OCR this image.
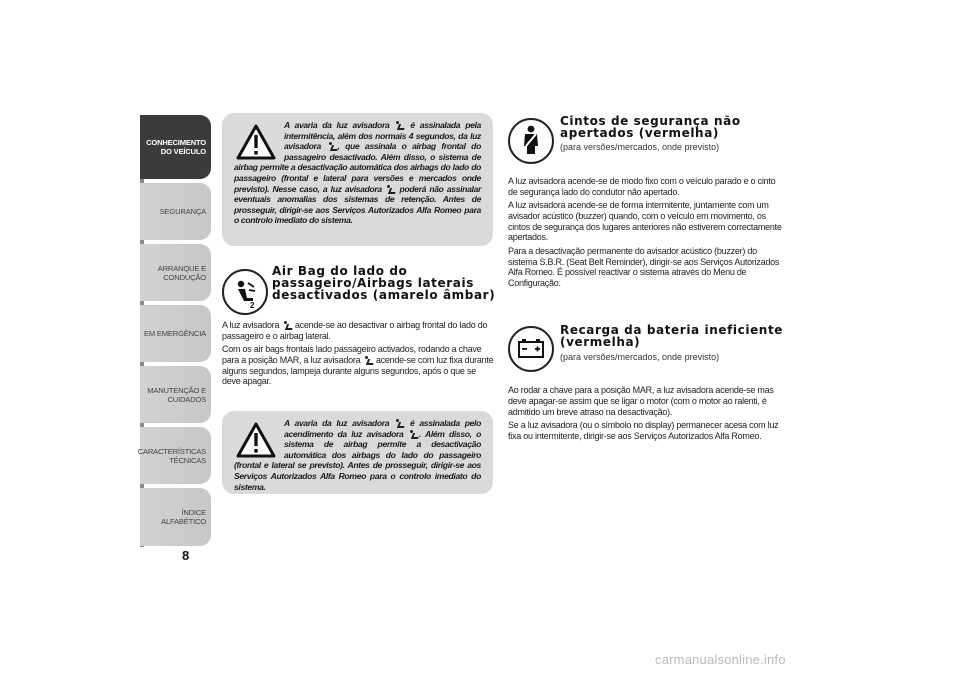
CONHECIMENTO
DO VEÍCULO
SEGURANÇA
ARRANQUE E
CONDUÇÃO
EM EMERGÊNCIA
MANUTENÇÃO E
CUIDADOS
CARACTERÍSTICAS
TÉCNICAS
ÍNDICE ALFABÉTICO
8

A avaria da luz avisadora é assinalada pela intermitência, além dos normais 4 segundos, da luz avisadora , que assinala o airbag frontal do passageiro desactivado. Além disso, o sistema de airbag permite a desactivação automática dos airbags do lado do passageiro (frontal e lateral para versões e mercados onde previsto). Nesse caso, a luz avisadora poderá não assinalar eventuais anomalias dos sistemas de retenção. Antes de prosseguir, dirigir-se aos Serviços Autorizados Alfa Romeo para o controlo imediato do sistema.

2
Air Bag do lado do
passageiro/Airbags laterais
desactivados (amarelo âmbar)

A luz avisadora acende-se ao desactivar o airbag frontal do lado do passageiro e o airbag lateral.

Com os air bags frontais lado passageiro activados, rodando a chave para a posição MAR, a luz avisadora acende-se com luz fixa durante alguns segundos, lampeja durante alguns segundos, após o que se deve apagar.

A avaria da luz avisadora é assinalada pelo acendimento da luz avisadora . Além disso, o sistema de airbag permite a desactivação automática dos airbags do lado do passageiro (frontal e lateral se previsto). Antes de prosseguir, dirigir-se aos Serviços Autorizados Alfa Romeo para o controlo imediato do sistema.

Cintos de segurança não
apertados (vermelha)
(para versões/mercados, onde previsto)

A luz avisadora acende-se de modo fixo com o veículo parado e o cinto de segurança lado do condutor não apertado.

A luz avisadora acende-se de forma intermitente, juntamente com um avisador acústico (buzzer) quando, com o veículo em movimento, os cintos de segurança dos lugares anteriores não estiverem correctamente apertados.

Para a desactivação permanente do avisador acústico (buzzer) do sistema S.B.R. (Seat Belt Reminder), dirigir-se aos Serviços Autorizados Alfa Romeo. É possível reactivar o sistema através do Menu de Configuração.

Recarga da bateria ineficiente
(vermelha)
(para versões/mercados, onde previsto)

Ao rodar a chave para a posição MAR, a luz avisadora acende-se mas deve apagar-se assim que se ligar o motor (com o motor ao ralenti, é admitido um breve atraso na desactivação).

Se a luz avisadora (ou o símbolo no display) permanecer acesa com luz fixa ou intermitente, dirigir-se aos Serviços Autorizados Alfa Romeo.

carmanualsonline.info
